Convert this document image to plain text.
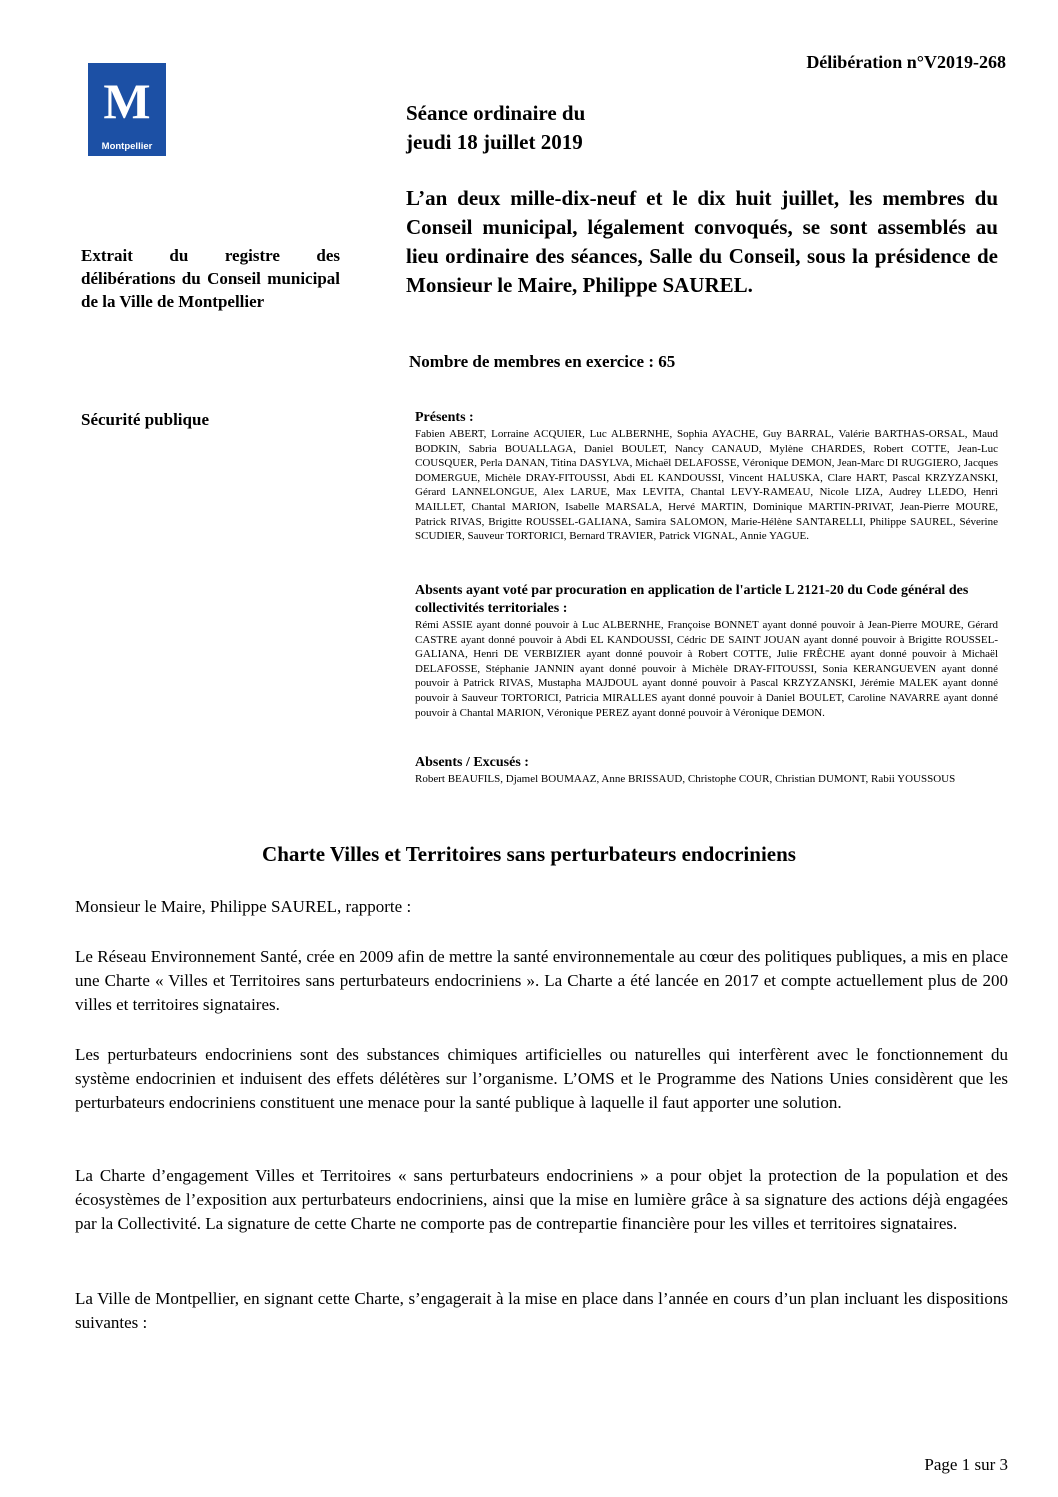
M
Montpellier
Délibération n°V2019-268
Séance ordinaire du
jeudi 18 juillet 2019
L’an deux mille-dix-neuf et le dix huit juillet, les membres du Conseil municipal, légalement convoqués, se sont assemblés au lieu ordinaire des séances, Salle du Conseil, sous la présidence de Monsieur le Maire, Philippe SAUREL.
Extrait du registre des délibérations du Conseil municipal de la Ville de Montpellier
Nombre de membres en exercice : 65
Sécurité publique	Présents :
Fabien ABERT, Lorraine ACQUIER, Luc ALBERNHE, Sophia AYACHE, Guy BARRAL, Valérie BARTHAS-ORSAL, Maud BODKIN, Sabria BOUALLAGA, Daniel BOULET, Nancy CANAUD, Mylène CHARDES, Robert COTTE, Jean-Luc COUSQUER, Perla DANAN, Titina DASYLVA, Michaël DELAFOSSE, Véronique DEMON, Jean-Marc DI RUGGIERO, Jacques DOMERGUE, Michèle DRAY-FITOUSSI, Abdi EL KANDOUSSI, Vincent HALUSKA, Clare HART, Pascal KRZYZANSKI, Gérard LANNELONGUE, Alex LARUE, Max LEVITA, Chantal LEVY-RAMEAU, Nicole LIZA, Audrey LLEDO, Henri MAILLET, Chantal MARION, Isabelle MARSALA, Hervé MARTIN, Dominique MARTIN-PRIVAT, Jean-Pierre MOURE, Patrick RIVAS, Brigitte ROUSSEL-GALIANA, Samira SALOMON, Marie-Hélène SANTARELLI, Philippe SAUREL, Séverine SCUDIER, Sauveur TORTORICI, Bernard TRAVIER, Patrick VIGNAL, Annie YAGUE.
Absents ayant voté par procuration en application de l'article L 2121-20 du Code général des collectivités territoriales :
Rémi ASSIE ayant donné pouvoir à Luc ALBERNHE, Françoise BONNET ayant donné pouvoir à Jean-Pierre MOURE, Gérard CASTRE ayant donné pouvoir à Abdi EL KANDOUSSI, Cédric DE SAINT JOUAN ayant donné pouvoir à Brigitte ROUSSEL-GALIANA, Henri DE VERBIZIER ayant donné pouvoir à Robert COTTE, Julie FRÊCHE ayant donné pouvoir à Michaël DELAFOSSE, Stéphanie JANNIN ayant donné pouvoir à Michèle DRAY-FITOUSSI, Sonia KERANGUEVEN ayant donné pouvoir à Patrick RIVAS, Mustapha MAJDOUL ayant donné pouvoir à Pascal KRZYZANSKI, Jérémie MALEK ayant donné pouvoir à Sauveur TORTORICI, Patricia MIRALLES ayant donné pouvoir à Daniel BOULET, Caroline NAVARRE ayant donné pouvoir à Chantal MARION, Véronique PEREZ ayant donné pouvoir à Véronique DEMON.
Absents / Excusés :
Robert BEAUFILS, Djamel BOUMAAZ, Anne BRISSAUD, Christophe COUR, Christian DUMONT, Rabii YOUSSOUS
Charte Villes et Territoires sans perturbateurs endocriniens
Monsieur le Maire, Philippe SAUREL, rapporte :
Le Réseau Environnement Santé, crée en 2009 afin de mettre la santé environnementale au cœur des politiques publiques, a mis en place une Charte « Villes et Territoires sans perturbateurs endocriniens ». La Charte a été lancée en 2017 et compte actuellement plus de 200 villes et territoires signataires.
Les perturbateurs endocriniens sont des substances chimiques artificielles ou naturelles qui interfèrent avec le fonctionnement du système endocrinien et induisent des effets délétères sur l’organisme. L’OMS et le Programme des Nations Unies considèrent que les perturbateurs endocriniens constituent une menace pour la santé publique à laquelle il faut apporter une solution.
La Charte d’engagement Villes et Territoires « sans perturbateurs endocriniens » a pour objet la protection de la population et des écosystèmes de l’exposition aux perturbateurs endocriniens, ainsi que la mise en lumière grâce à sa signature des actions déjà engagées par la Collectivité. La signature de cette Charte ne comporte pas de contrepartie financière pour les villes et territoires signataires.
La Ville de Montpellier, en signant cette Charte, s’engagerait à la mise en place dans l’année en cours d’un plan incluant les dispositions suivantes :
Page 1 sur 3
